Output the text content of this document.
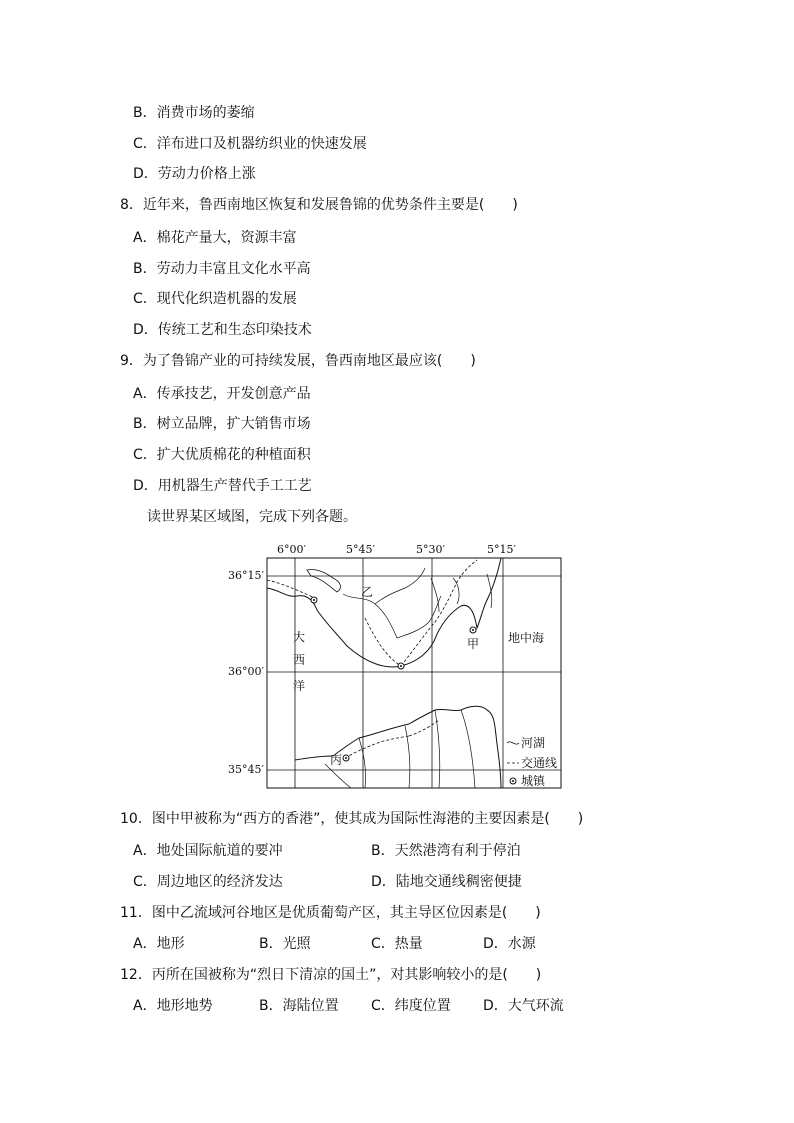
B．消费市场的萎缩
C．洋布进口及机器纺织业的快速发展
D．劳动力价格上涨
8．近年来，鲁西南地区恢复和发展鲁锦的优势条件主要是(　　)
A．棉花产量大，资源丰富
B．劳动力丰富且文化水平高
C．现代化织造机器的发展
D．传统工艺和生态印染技术
9．为了鲁锦产业的可持续发展，鲁西南地区最应该(　　)
A．传承技艺，开发创意产品
B．树立品牌，扩大销售市场
C．扩大优质棉花的种植面积
D．用机器生产替代手工工艺
读世界某区域图，完成下列各题。
6°00′	5°45′	5°30′	5°15′
36°15′
36°00′
35°45′
乙
甲
丙
大
西
洋
地中海
河湖
交通线
城镇
10．图中甲被称为“西方的香港”，使其成为国际性海港的主要因素是(　　)
A．地处国际航道的要冲	B．天然港湾有利于停泊
C．周边地区的经济发达	D．陆地交通线稠密便捷
11．图中乙流域河谷地区是优质葡萄产区，其主导区位因素是(　　)
A．地形	B．光照	C．热量	D．水源
12．丙所在国被称为“烈日下清凉的国土”，对其影响较小的是(　　)
A．地形地势	B．海陆位置 C．纬度位置 D．大气环流
